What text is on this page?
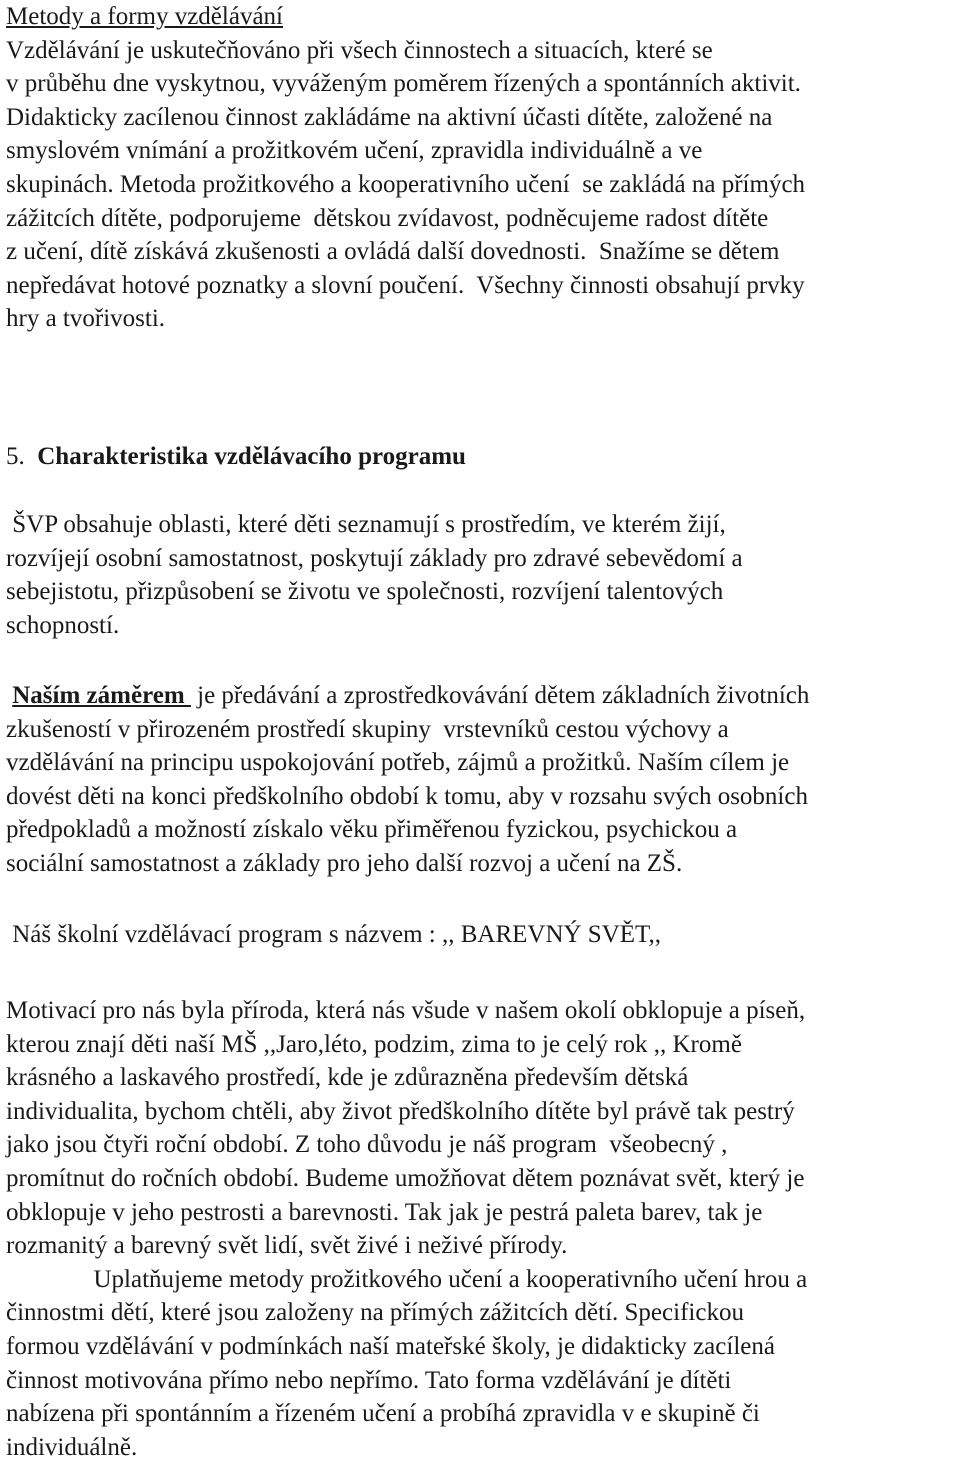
Metody a formy vzdělávání
Vzdělávání je uskutečňováno při všech činnostech a situacích, které se
v průběhu dne vyskytnou, vyváženým poměrem řízených a spontánních aktivit.
Didakticky zacílenou činnost zakládáme na aktivní účasti dítěte, založené na
smyslovém vnímání a prožitkovém učení, zpravidla individuálně a ve
skupinách. Metoda prožitkového a kooperativního učení  se zakládá na přímých
zážitcích dítěte, podporujeme  dětskou zvídavost, podněcujeme radost dítěte
z učení, dítě získává zkušenosti a ovládá další dovednosti.  Snažíme se dětem
nepředávat hotové poznatky a slovní poučení.  Všechny činnosti obsahují prvky
hry a tvořivosti.
5. Charakteristika vzdělávacího programu
ŠVP obsahuje oblasti, které děti seznamují s prostředím, ve kterém žijí,
rozvíjejí osobní samostatnost, poskytují základy pro zdravé sebevědomí a
sebejistotu, přizpůsobení se životu ve společnosti, rozvíjení talentových
schopností.
Naším záměrem  je předávání a zprostředkovávání dětem základních životních
zkušeností v přirozeném prostředí skupiny  vrstevníků cestou výchovy a
vzdělávání na principu uspokojování potřeb, zájmů a prožitků. Naším cílem je
dovést děti na konci předškolního období k tomu, aby v rozsahu svých osobních
předpokladů a možností získalo věku přiměřenou fyzickou, psychickou a
sociální samostatnost a základy pro jeho další rozvoj a učení na ZŠ.
Náš školní vzdělávací program s názvem : ,, BAREVNÝ SVĚT,,
Motivací pro nás byla příroda, která nás všude v našem okolí obklopuje a píseň,
kterou znají děti naší MŠ ,,Jaro,léto, podzim, zima to je celý rok ,, Kromě
krásného a laskavého prostředí, kde je zdůrazněna především dětská
individualita, bychom chtěli, aby život předškolního dítěte byl právě tak pestrý
jako jsou čtyři roční období. Z toho důvodu je náš program  všeobecný ,
promítnut do ročních období. Budeme umožňovat dětem poznávat svět, který je
obklopuje v jeho pestrosti a barevnosti. Tak jak je pestrá paleta barev, tak je
rozmanitý a barevný svět lidí, svět živé i neživé přírody.
Uplatňujeme metody prožitkového učení a kooperativního učení hrou a
činnostmi dětí, které jsou založeny na přímých zážitcích dětí. Specifickou
formou vzdělávání v podmínkách naší mateřské školy, je didakticky zacílená
činnost motivována přímo nebo nepřímo. Tato forma vzdělávání je dítěti
nabízena při spontánním a řízeném učení a probíhá zpravidla v e skupině či
individuálně.
